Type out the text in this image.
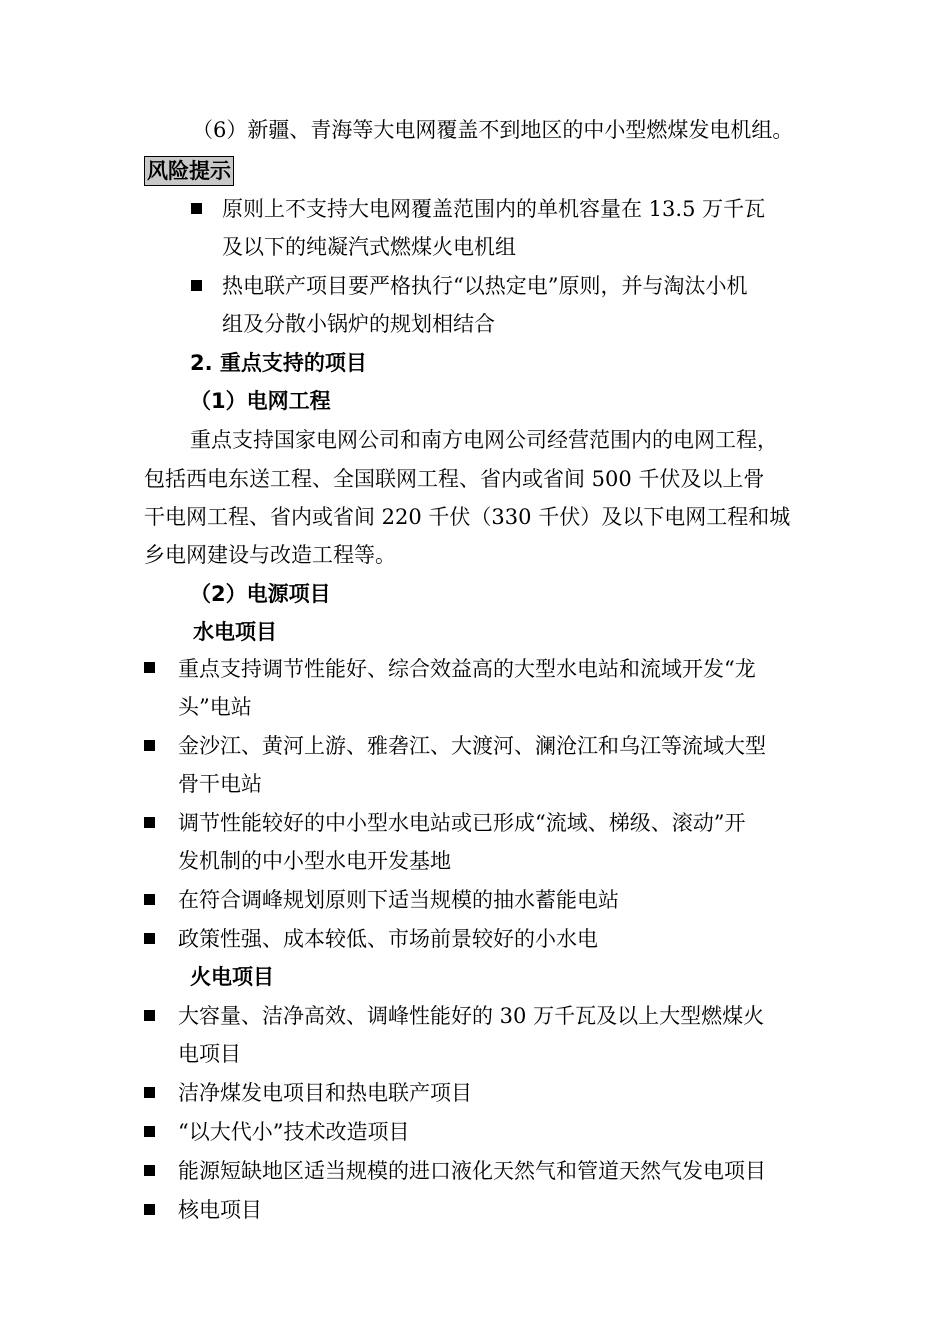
（6）新疆、青海等大电网覆盖不到地区的中小型燃煤发电机组。
风险提示
原则上不支持大电网覆盖范围内的单机容量在 13.5 万千瓦
及以下的纯凝汽式燃煤火电机组
热电联产项目要严格执行“以热定电”原则，并与淘汰小机
组及分散小锅炉的规划相结合
2. 重点支持的项目
（1）电网工程
重点支持国家电网公司和南方电网公司经营范围内的电网工程，
包括西电东送工程、全国联网工程、省内或省间 500 千伏及以上骨
干电网工程、省内或省间 220 千伏（330 千伏）及以下电网工程和城
乡电网建设与改造工程等。
（2）电源项目
水电项目
重点支持调节性能好、综合效益高的大型水电站和流域开发“龙
头”电站
金沙江、黄河上游、雅砻江、大渡河、澜沧江和乌江等流域大型
骨干电站
调节性能较好的中小型水电站或已形成“流域、梯级、滚动”开
发机制的中小型水电开发基地
在符合调峰规划原则下适当规模的抽水蓄能电站
政策性强、成本较低、市场前景较好的小水电
火电项目
大容量、洁净高效、调峰性能好的 30 万千瓦及以上大型燃煤火
电项目
洁净煤发电项目和热电联产项目
“以大代小”技术改造项目
能源短缺地区适当规模的进口液化天然气和管道天然气发电项目
核电项目
